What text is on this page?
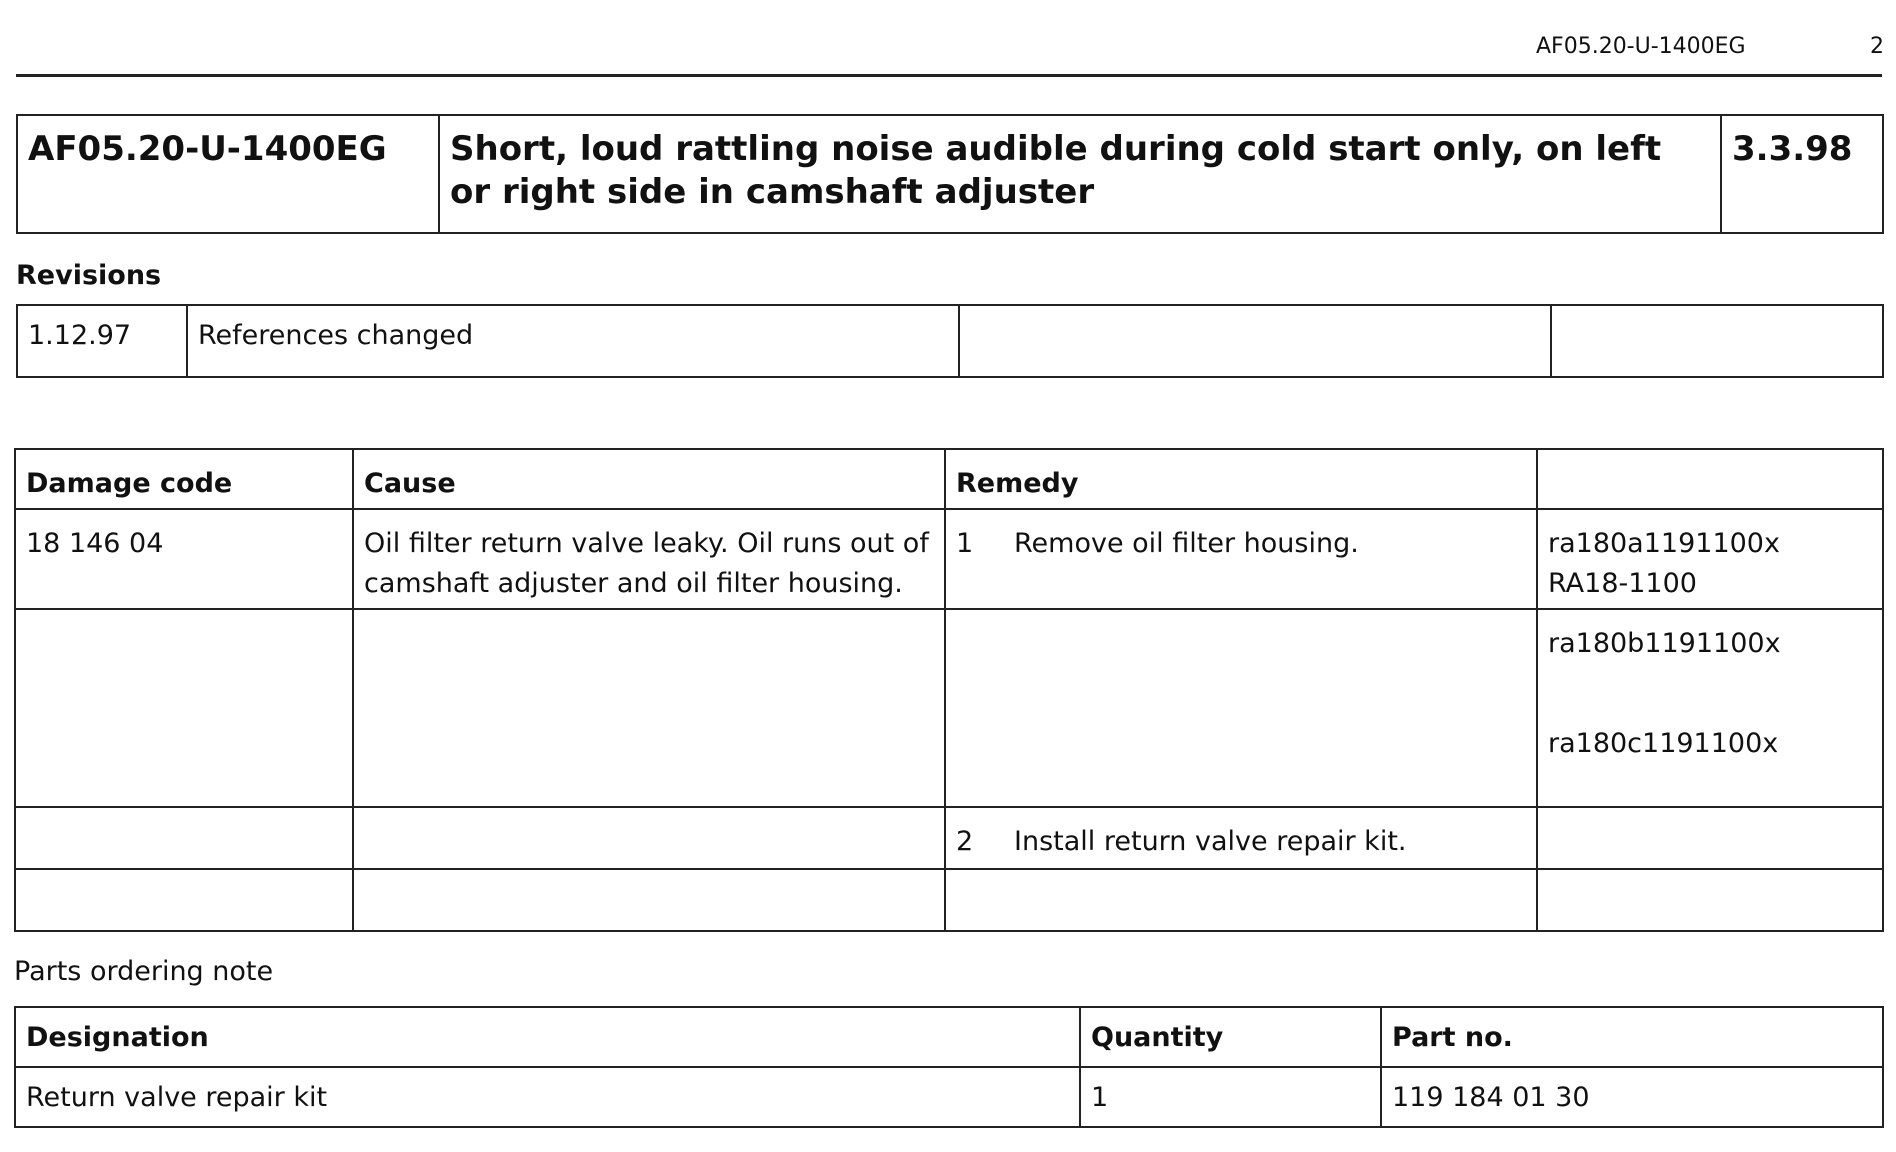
AF05.20-U-1400EG	2
AF05.20-U-1400EG	Short, loud rattling noise audible during cold start only, on left or right side in camshaft adjuster	3.3.98
Revisions
1.12.97	References changed		
Damage code	Cause	Remedy	
18 146 04	Oil filter return valve leaky. Oil runs out of camshaft adjuster and oil filter housing.	1 Remove oil filter housing.	ra180a1191100x
RA18-1100

			ra180b1191100x
ra180c1191100x

		2 Install return valve repair kit.	

Parts ordering note
Designation	Quantity	Part no.
Return valve repair kit	1	119 184 01 30
